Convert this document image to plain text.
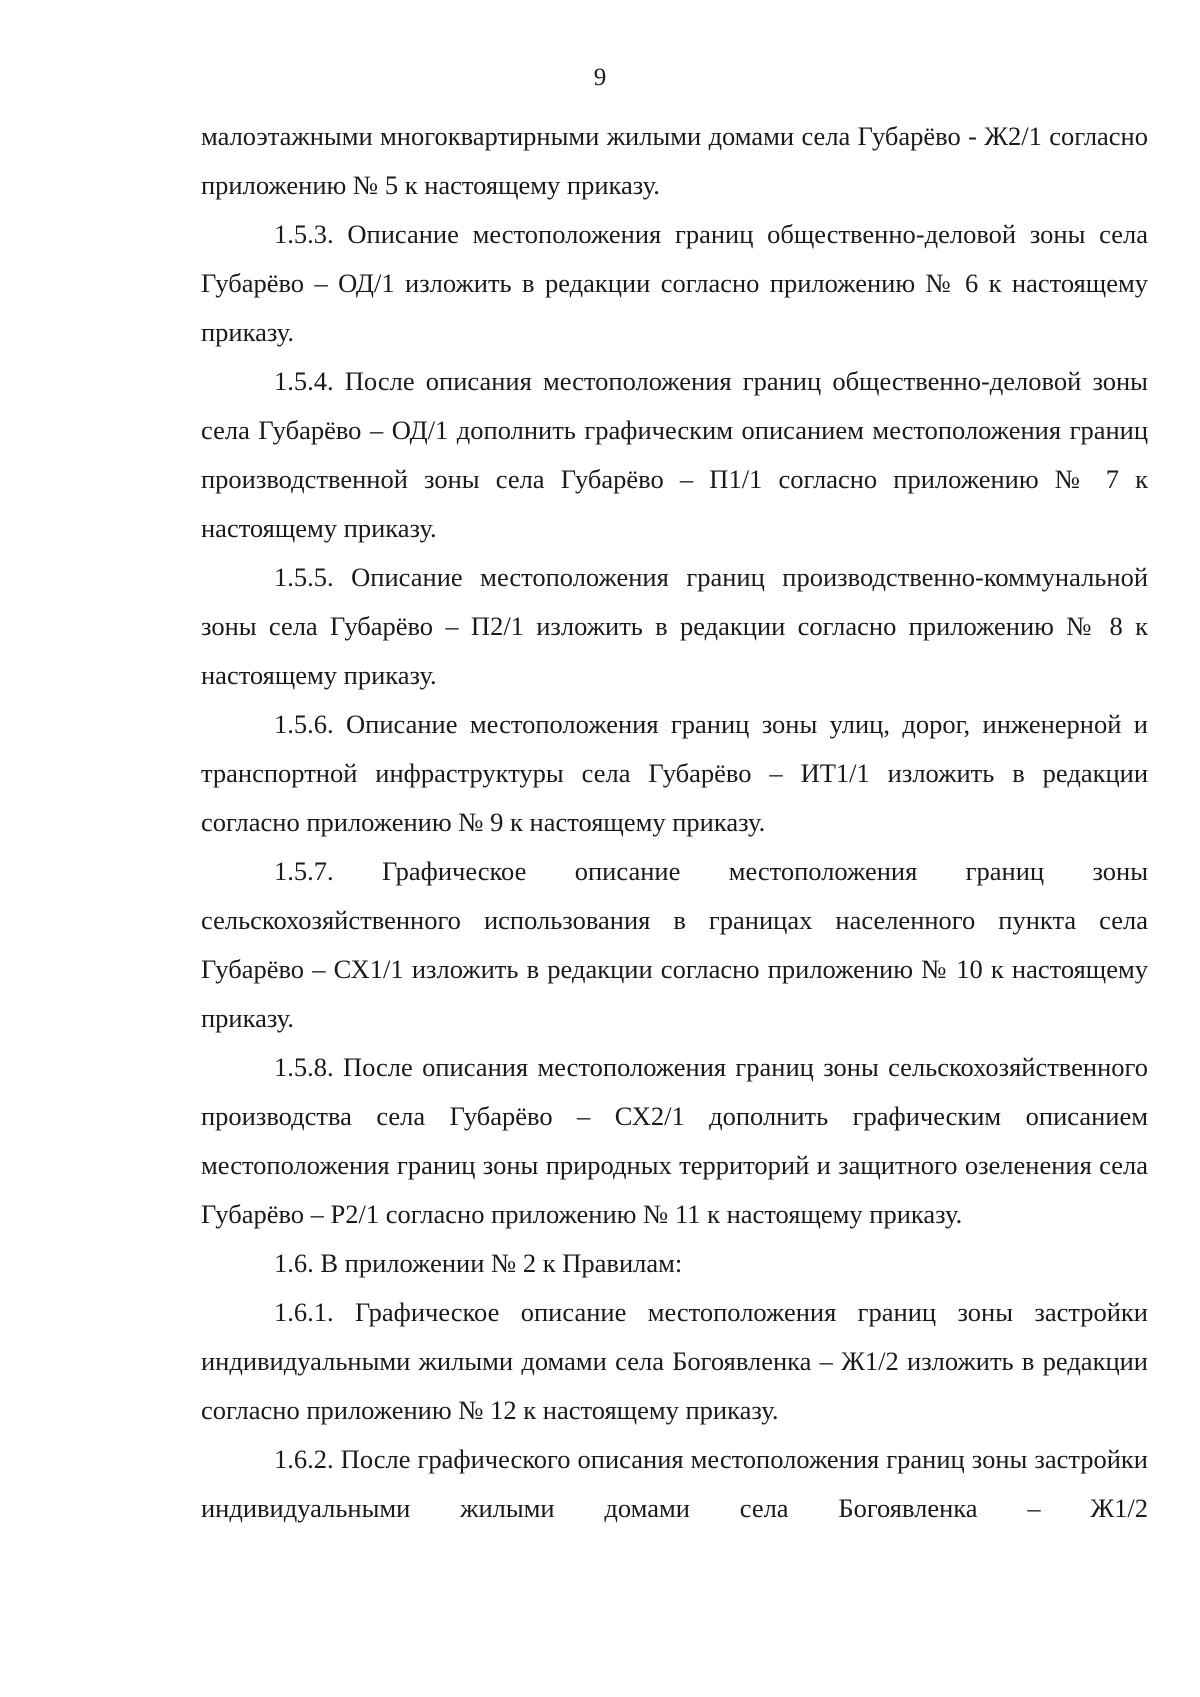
9

малоэтажными многоквартирными жилыми домами села Губарёво - Ж2/1 согласно приложению № 5 к настоящему приказу.

1.5.3. Описание местоположения границ общественно-деловой зоны села Губарёво – ОД/1 изложить в редакции согласно приложению № 6 к настоящему приказу.

1.5.4. После описания местоположения границ общественно-деловой зоны села Губарёво – ОД/1 дополнить графическим описанием местоположения границ производственной зоны села Губарёво – П1/1 согласно приложению № 7 к настоящему приказу.

1.5.5. Описание местоположения границ производственно-коммунальной зоны села Губарёво – П2/1 изложить в редакции согласно приложению № 8 к настоящему приказу.

1.5.6. Описание местоположения границ зоны улиц, дорог, инженерной и транспортной инфраструктуры села Губарёво – ИТ1/1 изложить в редакции согласно приложению № 9 к настоящему приказу.

1.5.7. Графическое описание местоположения границ зоны сельскохозяйственного использования в границах населенного пункта села Губарёво – СХ1/1 изложить в редакции согласно приложению № 10 к настоящему приказу.

1.5.8. После описания местоположения границ зоны сельскохозяйственного производства села Губарёво – СХ2/1 дополнить графическим описанием местоположения границ зоны природных территорий и защитного озеленения села Губарёво – Р2/1 согласно приложению № 11 к настоящему приказу.

1.6. В приложении № 2 к Правилам:

1.6.1. Графическое описание местоположения границ зоны застройки индивидуальными жилыми домами села Богоявленка – Ж1/2 изложить в редакции согласно приложению № 12 к настоящему приказу.

1.6.2. После графического описания местоположения границ зоны застройки индивидуальными жилыми домами села Богоявленка – Ж1/2
